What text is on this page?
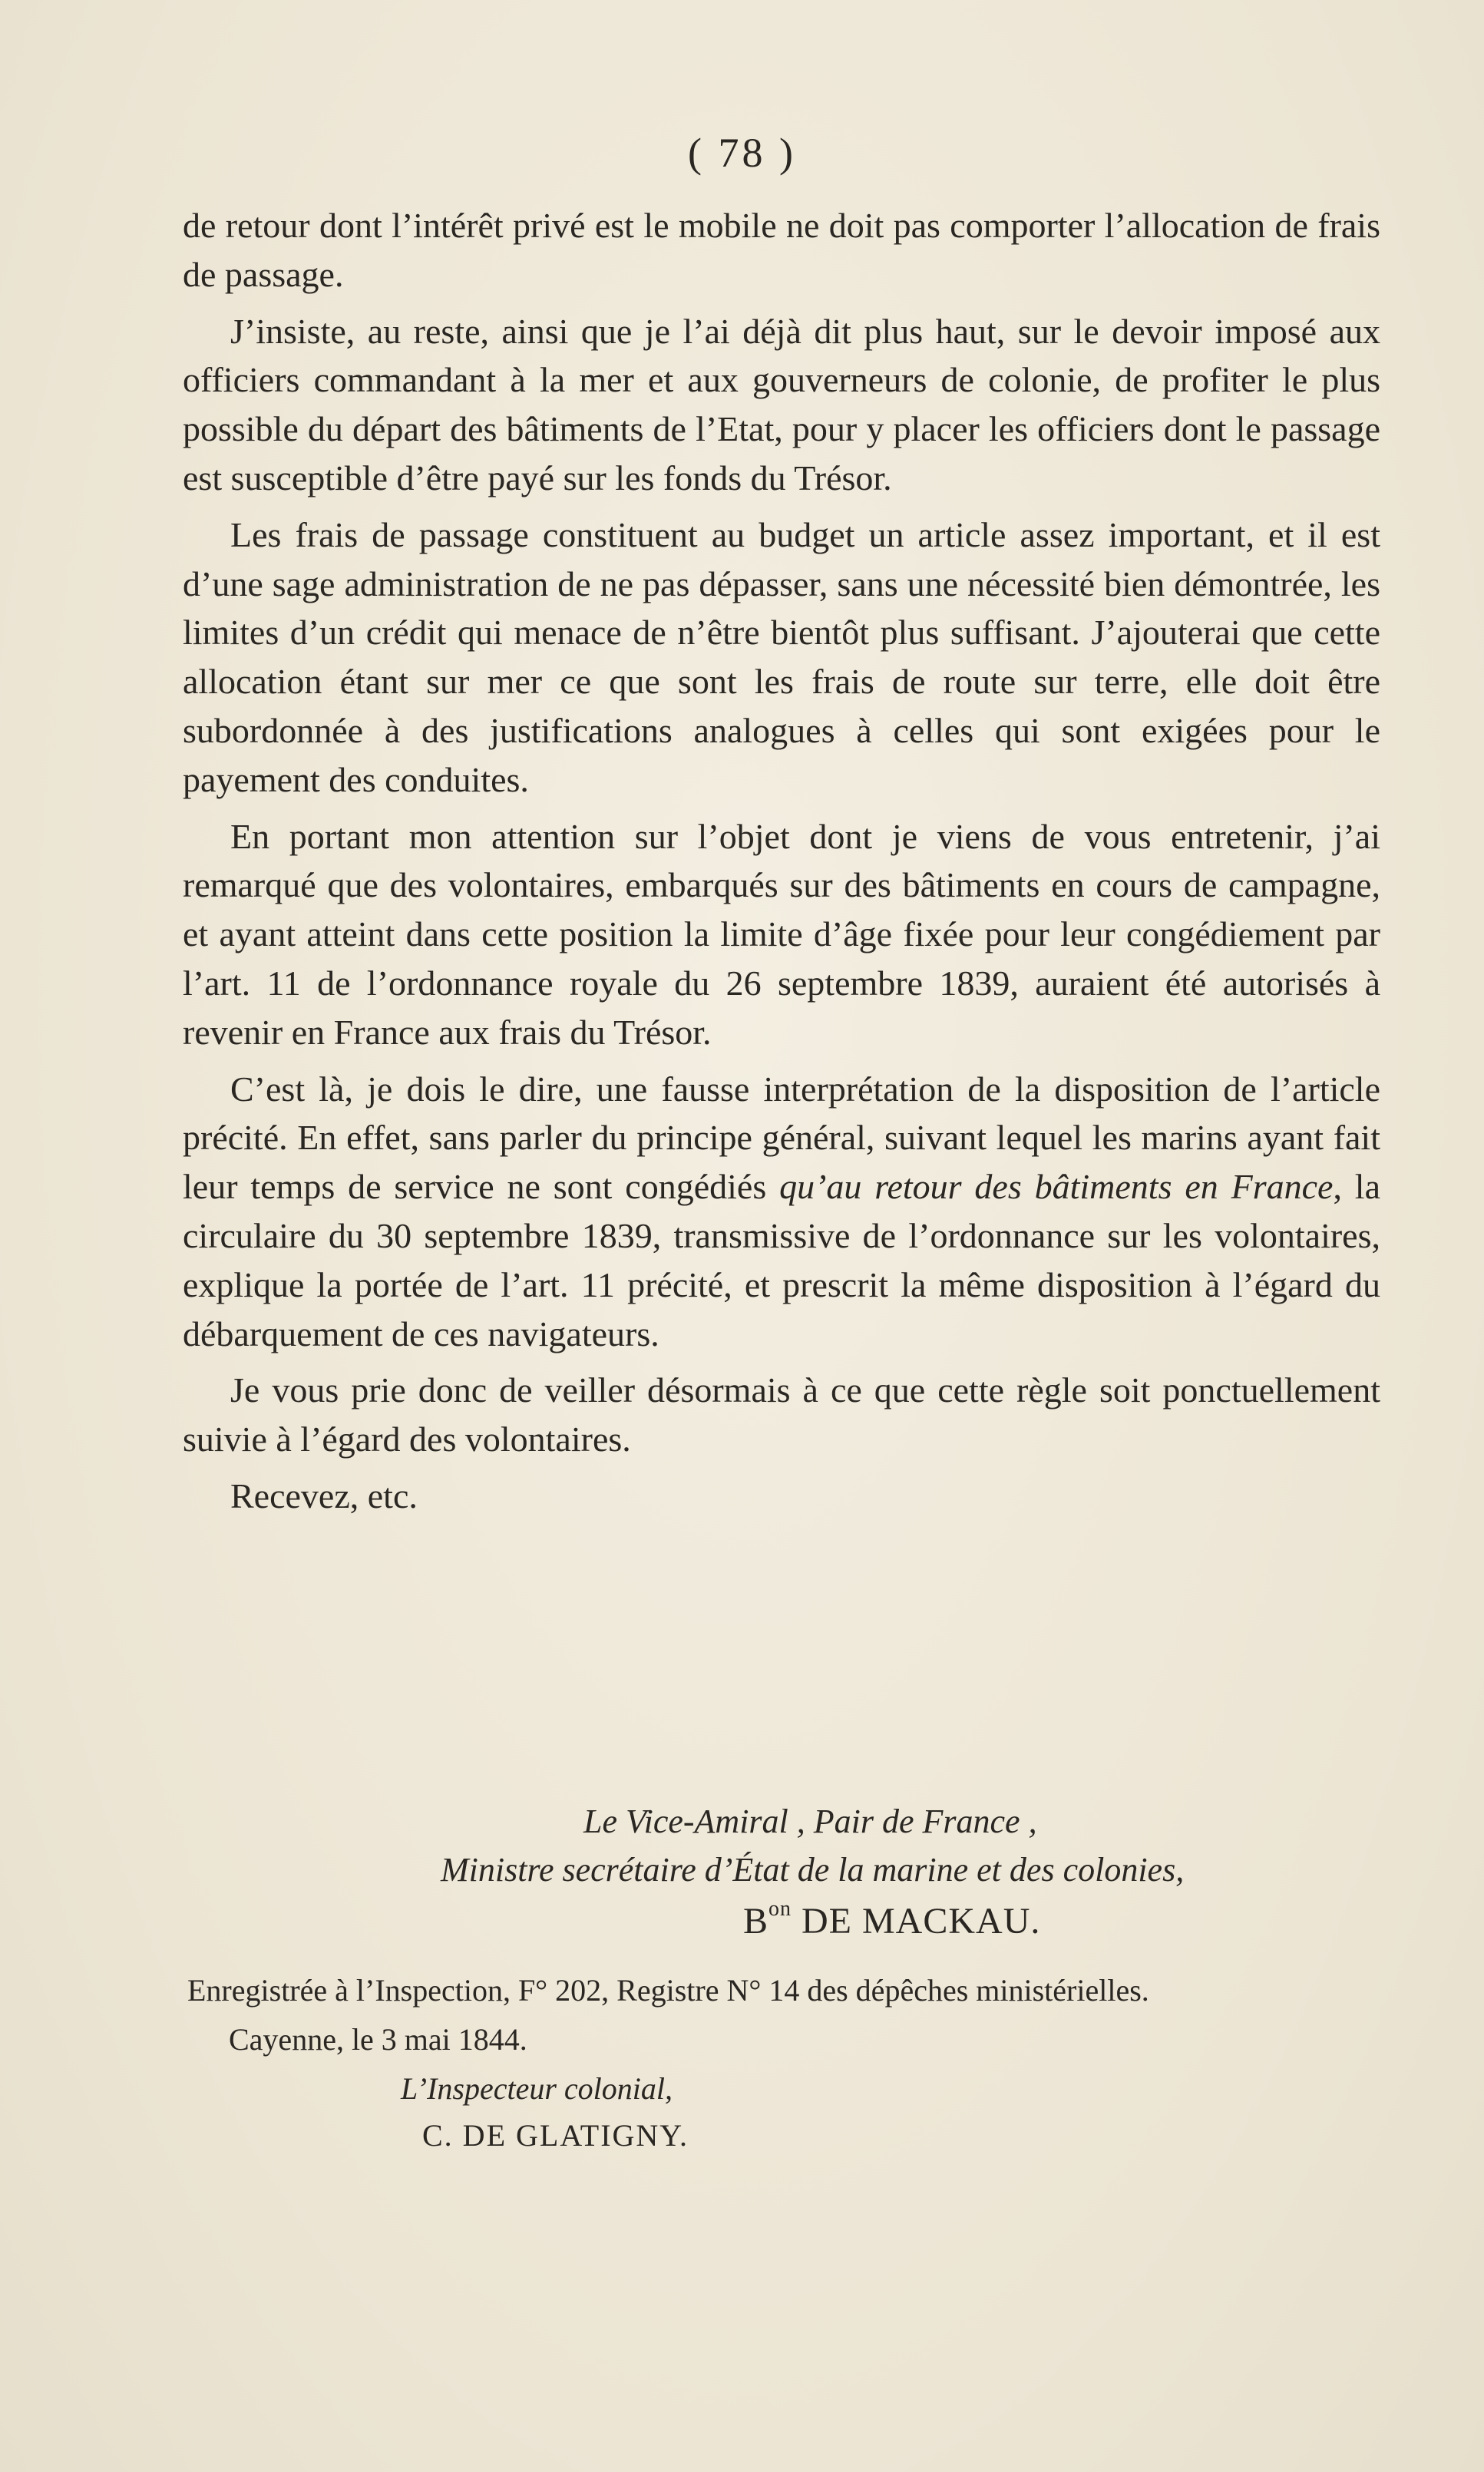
( 78 )

de retour dont l’intérêt privé est le mobile ne doit pas comporter l’allocation de frais de passage.

J’insiste, au reste, ainsi que je l’ai déjà dit plus haut, sur le devoir imposé aux officiers commandant à la mer et aux gouverneurs de colonie, de profiter le plus possible du départ des bâtiments de l’Etat, pour y placer les officiers dont le passage est susceptible d’être payé sur les fonds du Trésor.

Les frais de passage constituent au budget un article assez important, et il est d’une sage administration de ne pas dépasser, sans une nécessité bien démontrée, les limites d’un crédit qui menace de n’être bientôt plus suffisant. J’ajouterai que cette allocation étant sur mer ce que sont les frais de route sur terre, elle doit être subordonnée à des justifications analogues à celles qui sont exigées pour le payement des conduites.

En portant mon attention sur l’objet dont je viens de vous entretenir, j’ai remarqué que des volontaires, embarqués sur des bâtiments en cours de campagne, et ayant atteint dans cette position la limite d’âge fixée pour leur congédiement par l’art. 11 de l’ordonnance royale du 26 septembre 1839, auraient été autorisés à revenir en France aux frais du Trésor.

C’est là, je dois le dire, une fausse interprétation de la disposition de l’article précité. En effet, sans parler du principe général, suivant lequel les marins ayant fait leur temps de service ne sont congédiés qu’au retour des bâtiments en France, la circulaire du 30 septembre 1839, transmissive de l’ordonnance sur les volontaires, explique la portée de l’art. 11 précité, et prescrit la même disposition à l’égard du débarquement de ces navigateurs.

Je vous prie donc de veiller désormais à ce que cette règle soit ponctuellement suivie à l’égard des volontaires.

Recevez, etc.

Le Vice-Amiral , Pair de France ,
Ministre secrétaire d’État de la marine et des colonies,
$B^{on}$ DE MACKAU.
Enregistrée à l’Inspection, F° 202, Registre N° 14 des dépêches ministérielles.
Cayenne, le 3 mai 1844.
L’Inspecteur colonial,
C. DE GLATIGNY.
